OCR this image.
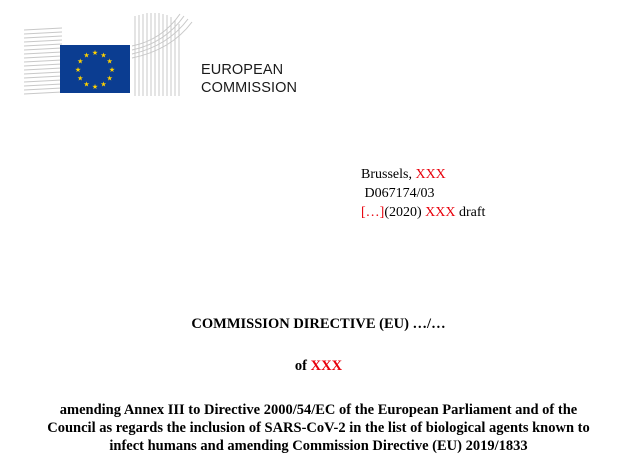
★ ★
★
★
★
★
★
★
★
★
★
★
EUROPEAN
COMMISSION
Brussels, XXX
D067174/03
[…](2020) XXX draft
COMMISSION DIRECTIVE (EU) …/…
of XXX
amending Annex III to Directive 2000/54/EC of the European Parliament and of the
Council as regards the inclusion of SARS-CoV-2 in the list of biological agents known to
infect humans and amending Commission Directive (EU) 2019/1833
